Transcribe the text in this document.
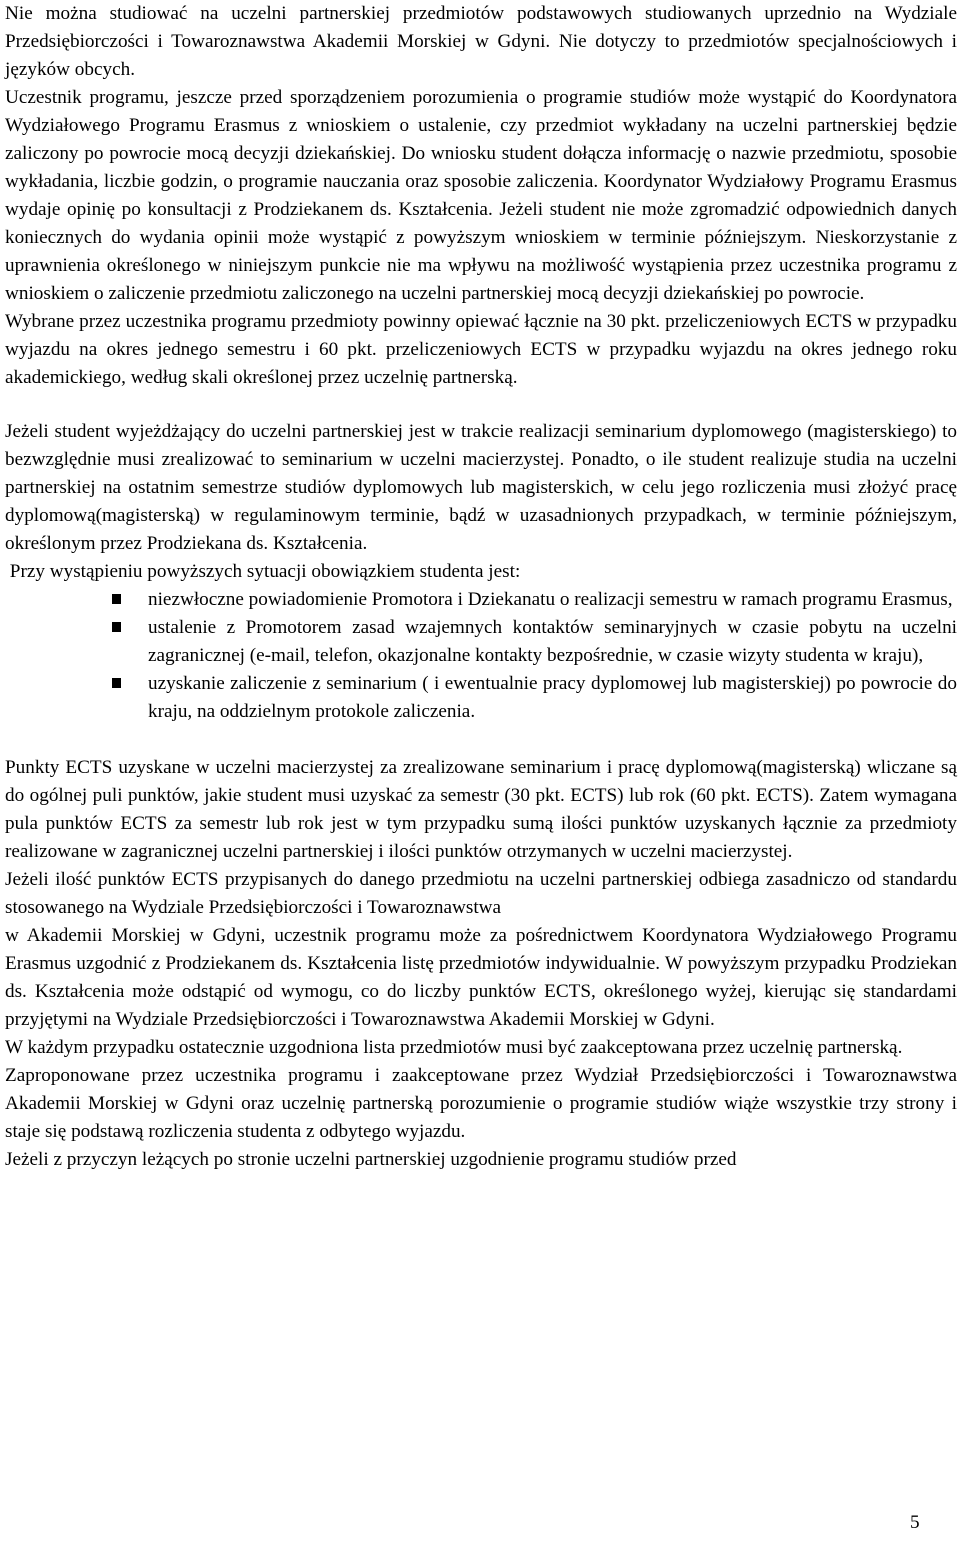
Nie można studiować na uczelni partnerskiej przedmiotów podstawowych studiowanych uprzednio na Wydziale Przedsiębiorczości i Towaroznawstwa Akademii Morskiej w Gdyni. Nie dotyczy to przedmiotów specjalnościowych i języków obcych.

Uczestnik programu, jeszcze przed sporządzeniem porozumienia o programie studiów może wystąpić do Koordynatora Wydziałowego Programu Erasmus z wnioskiem o ustalenie, czy przedmiot wykładany na uczelni partnerskiej będzie zaliczony po powrocie mocą decyzji dziekańskiej. Do wniosku student dołącza informację o nazwie przedmiotu, sposobie wykładania, liczbie godzin, o programie nauczania oraz sposobie zaliczenia. Koordynator Wydziałowy Programu Erasmus wydaje opinię po konsultacji z Prodziekanem ds. Kształcenia. Jeżeli student nie może zgromadzić odpowiednich danych koniecznych do wydania opinii może wystąpić z powyższym wnioskiem w terminie późniejszym. Nieskorzystanie z uprawnienia określonego w niniejszym punkcie nie ma wpływu na możliwość wystąpienia przez uczestnika programu z wnioskiem o zaliczenie przedmiotu zaliczonego na uczelni partnerskiej mocą decyzji dziekańskiej po powrocie.

Wybrane przez uczestnika programu przedmioty powinny opiewać łącznie na 30 pkt. przeliczeniowych ECTS w przypadku wyjazdu na okres jednego semestru i 60 pkt. przeliczeniowych ECTS w przypadku wyjazdu na okres jednego roku akademickiego, według skali określonej przez uczelnię partnerską.

Jeżeli student wyjeżdżający do uczelni partnerskiej jest w trakcie realizacji seminarium dyplomowego (magisterskiego) to bezwzględnie musi zrealizować to seminarium w uczelni macierzystej. Ponadto, o ile student realizuje studia na uczelni partnerskiej na ostatnim semestrze studiów dyplomowych lub magisterskich, w celu jego rozliczenia musi złożyć pracę dyplomową(magisterską) w regulaminowym terminie, bądź w uzasadnionych przypadkach, w terminie późniejszym, określonym przez Prodziekana ds. Kształcenia.

Przy wystąpieniu powyższych sytuacji obowiązkiem studenta jest:

niezwłoczne powiadomienie Promotora i Dziekanatu o realizacji semestru w ramach programu Erasmus,
ustalenie z Promotorem zasad wzajemnych kontaktów seminaryjnych w czasie pobytu na uczelni zagranicznej (e-mail, telefon, okazjonalne kontakty bezpośrednie, w czasie wizyty studenta w kraju),
uzyskanie zaliczenie z seminarium ( i ewentualnie pracy dyplomowej lub magisterskiej) po powrocie do kraju, na oddzielnym protokole zaliczenia.

Punkty ECTS uzyskane w uczelni macierzystej za zrealizowane seminarium i pracę dyplomową(magisterską) wliczane są do ogólnej puli punktów, jakie student musi uzyskać za semestr (30 pkt. ECTS) lub rok (60 pkt. ECTS). Zatem wymagana pula punktów ECTS za semestr lub rok jest w tym przypadku sumą ilości punktów uzyskanych łącznie za przedmioty realizowane w zagranicznej uczelni partnerskiej i ilości punktów otrzymanych w uczelni macierzystej.

Jeżeli ilość punktów ECTS przypisanych do danego przedmiotu na uczelni partnerskiej odbiega zasadniczo od standardu stosowanego na Wydziale Przedsiębiorczości i Towaroznawstwa

w Akademii Morskiej w Gdyni, uczestnik programu może za pośrednictwem Koordynatora Wydziałowego Programu Erasmus uzgodnić z Prodziekanem ds. Kształcenia listę przedmiotów indywidualnie. W powyższym przypadku Prodziekan ds. Kształcenia może odstąpić od wymogu, co do liczby punktów ECTS, określonego wyżej, kierując się standardami przyjętymi na Wydziale Przedsiębiorczości i Towaroznawstwa Akademii Morskiej w Gdyni.

W każdym przypadku ostatecznie uzgodniona lista przedmiotów musi być zaakceptowana przez uczelnię partnerską.

Zaproponowane przez uczestnika programu i zaakceptowane przez Wydział Przedsiębiorczości i Towaroznawstwa Akademii Morskiej w Gdyni oraz uczelnię partnerską porozumienie o programie studiów wiąże wszystkie trzy strony i staje się podstawą rozliczenia studenta z odbytego wyjazdu.

Jeżeli z przyczyn leżących po stronie uczelni partnerskiej uzgodnienie programu studiów przed

5
